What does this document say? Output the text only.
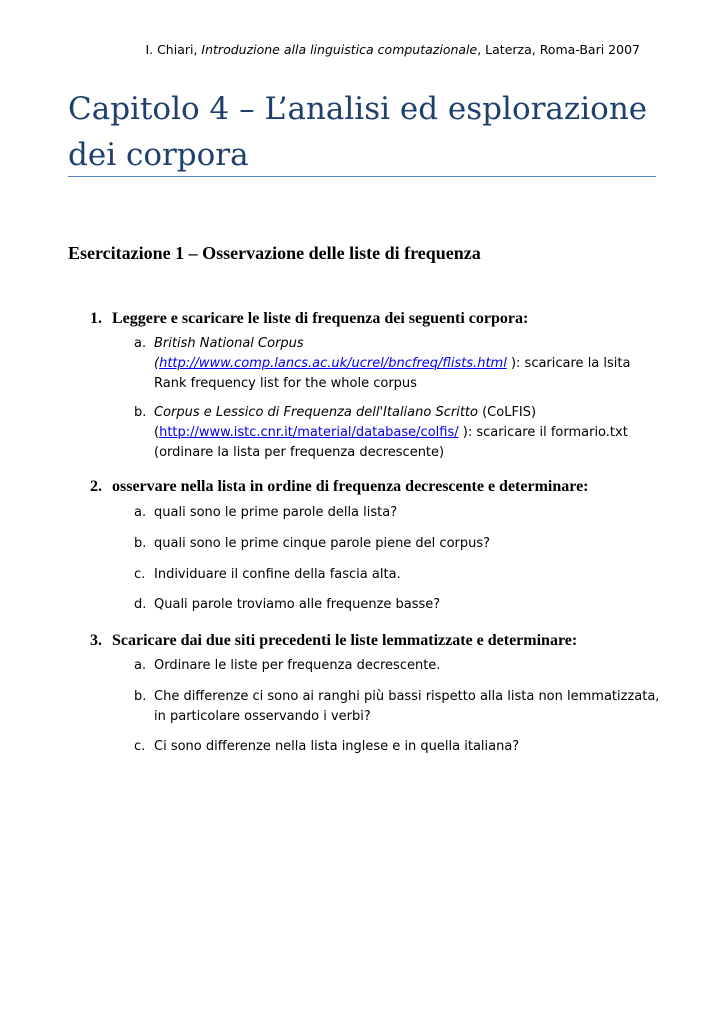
I. Chiari, Introduzione alla linguistica computazionale, Laterza, Roma-Bari 2007
Capitolo 4 – L’analisi ed esplorazione
dei corpora
Esercitazione 1 – Osservazione delle liste di frequenza
1. Leggere e scaricare le liste di frequenza dei seguenti corpora:
a. British National Corpus
(http://www.comp.lancs.ac.uk/ucrel/bncfreq/flists.html ): scaricare la lsita
Rank frequency list for the whole corpus
b. Corpus e Lessico di Frequenza dell'Italiano Scritto (CoLFIS)
(http://www.istc.cnr.it/material/database/colfis/ ): scaricare il formario.txt
(ordinare la lista per frequenza decrescente)
2. osservare nella lista in ordine di frequenza decrescente e determinare:
a. quali sono le prime parole della lista?
b. quali sono le prime cinque parole piene del corpus?
c. Individuare il confine della fascia alta.
d. Quali parole troviamo alle frequenze basse?
3. Scaricare dai due siti precedenti le liste lemmatizzate e determinare:
a. Ordinare le liste per frequenza decrescente.
b. Che differenze ci sono ai ranghi più bassi rispetto alla lista non lemmatizzata,
in particolare osservando i verbi?
c. Ci sono differenze nella lista inglese e in quella italiana?
